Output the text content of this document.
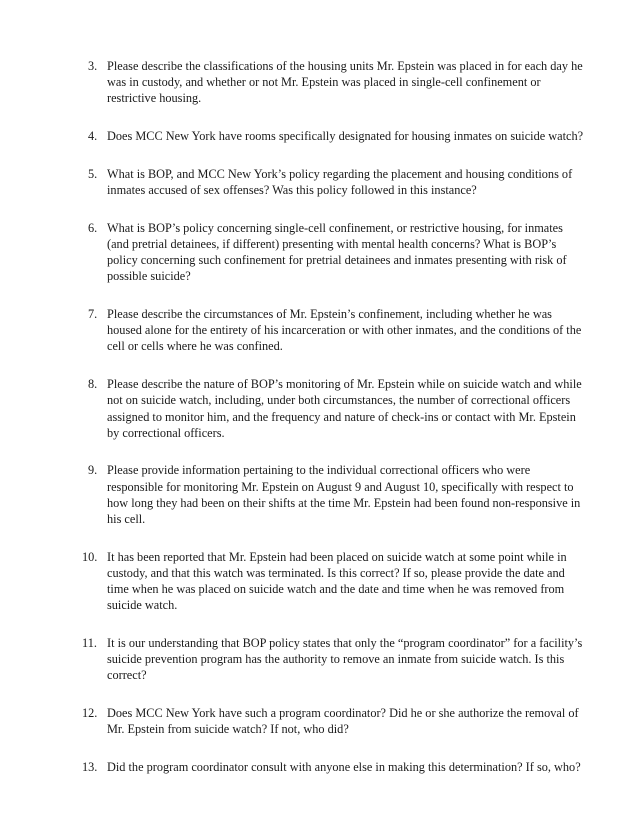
3. Please describe the classifications of the housing units Mr. Epstein was placed in for each day he was in custody, and whether or not Mr. Epstein was placed in single-cell confinement or restrictive housing.
4. Does MCC New York have rooms specifically designated for housing inmates on suicide watch?
5. What is BOP, and MCC New York’s policy regarding the placement and housing conditions of inmates accused of sex offenses? Was this policy followed in this instance?
6. What is BOP’s policy concerning single-cell confinement, or restrictive housing, for inmates (and pretrial detainees, if different) presenting with mental health concerns? What is BOP’s policy concerning such confinement for pretrial detainees and inmates presenting with risk of possible suicide?
7. Please describe the circumstances of Mr. Epstein’s confinement, including whether he was housed alone for the entirety of his incarceration or with other inmates, and the conditions of the cell or cells where he was confined.
8. Please describe the nature of BOP’s monitoring of Mr. Epstein while on suicide watch and while not on suicide watch, including, under both circumstances, the number of correctional officers assigned to monitor him, and the frequency and nature of check-ins or contact with Mr. Epstein by correctional officers.
9. Please provide information pertaining to the individual correctional officers who were responsible for monitoring Mr. Epstein on August 9 and August 10, specifically with respect to how long they had been on their shifts at the time Mr. Epstein had been found non-responsive in his cell.
10. It has been reported that Mr. Epstein had been placed on suicide watch at some point while in custody, and that this watch was terminated. Is this correct? If so, please provide the date and time when he was placed on suicide watch and the date and time when he was removed from suicide watch.
11. It is our understanding that BOP policy states that only the “program coordinator” for a facility’s suicide prevention program has the authority to remove an inmate from suicide watch. Is this correct?
12. Does MCC New York have such a program coordinator? Did he or she authorize the removal of Mr. Epstein from suicide watch? If not, who did?
13. Did the program coordinator consult with anyone else in making this determination? If so, who?
